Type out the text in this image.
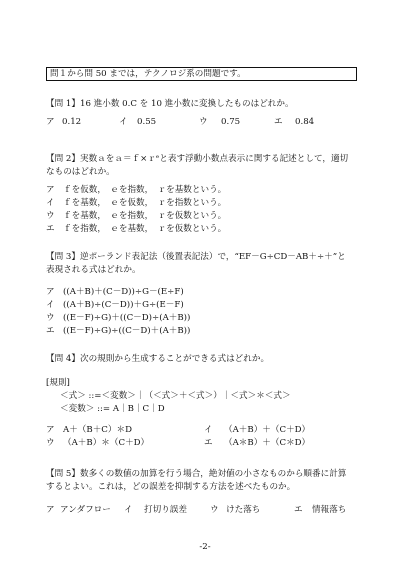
問１から問 50 までは，テクノロジ系の問題です。
【問 1】16 進小数 0.C を 10 進小数に変換したものはどれか。
ア 0.12	イ 0.55	ウ 0.75	エ 0.84
【問 2】実数ａをａ＝ｆ×ｒᵉと表す浮動小数点表示に関する記述として，適切
なものはどれか。
ア ｆを仮数，　ｅを指数，　ｒを基数という。
イ ｆを基数，　ｅを仮数，　ｒを指数という。
ウ ｆを基数，　ｅを指数，　ｒを仮数という。
エ ｆを指数，　ｅを基数，　ｒを仮数という。
【問 3】逆ポーランド表記法（後置表記法）で，“EF－G÷CD－AB＋÷＋”と
表現される式はどれか。
ア ((A＋B)＋(C－D))÷G－(E÷F)
イ ((A＋B)÷(C－D))＋G÷(E－F)
ウ ((E－F)÷G)＋((C－D)÷(A＋B))
エ ((E－F)÷G)÷((C－D)＋(A＋B))
【問 4】次の規則から生成することができる式はどれか。
[規則]
＜式＞ ::=＜変数＞｜（＜式＞＋＜式＞）｜＜式＞＊＜式＞
＜変数＞ ::= A｜B｜C｜D
ア A＋（B＋C）＊D	イ （A＋B）＋（C＋D）
ウ （A＋B）＊（C＋D）	エ （A＊B）＋（C＊D）
【問 5】数多くの数値の加算を行う場合，絶対値の小さなものから順番に計算
するとよい。これは，どの誤差を抑制する方法を述べたものか。
ア アンダフロー イ 打切り誤差	ウ けた落ち	エ 情報落ち
-2-
